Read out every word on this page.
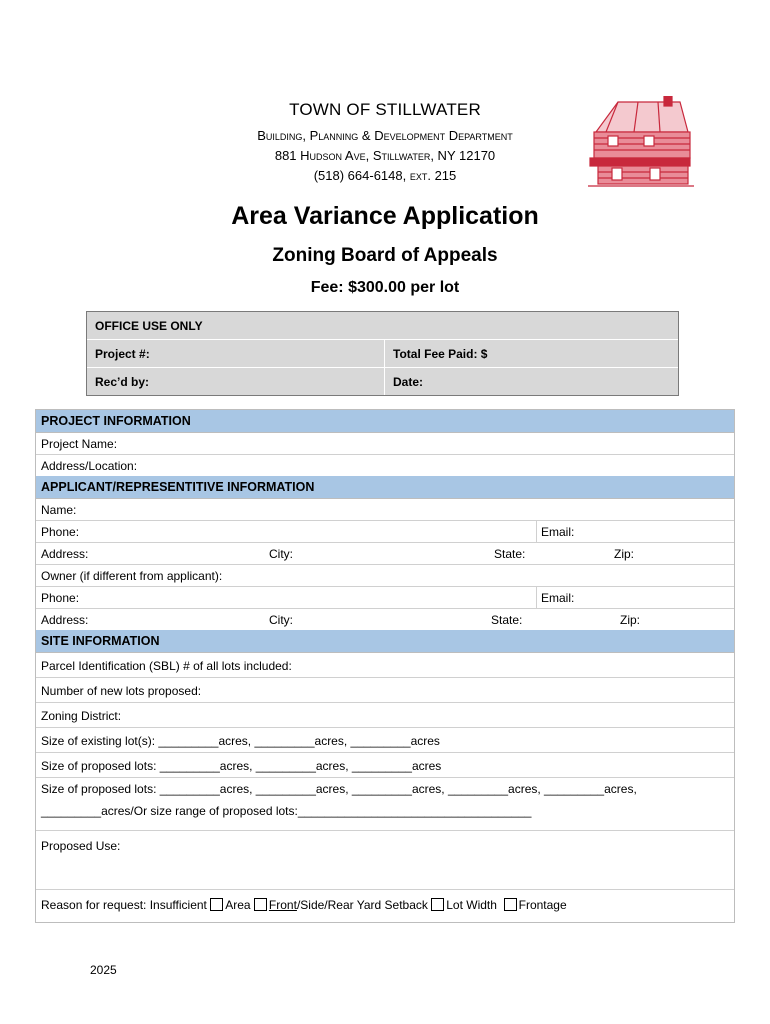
TOWN OF STILLWATER
Building, Planning & Development Department
881 Hudson Ave, Stillwater, NY 12170
(518) 664-6148, ext. 215

Area Variance Application

Zoning Board of Appeals

Fee: $300.00 per lot

OFFICE USE ONLY
Project #:	Total Fee Paid: $
Rec’d by:	Date:
PROJECT INFORMATION
Project Name:
Address/Location:
APPLICANT/REPRESENTITIVE INFORMATION
Name:
Phone:	Email:
Address:	City:	State:	Zip:
Owner (if different from applicant):
Phone:	Email:
Address:	City:	State:	Zip:
SITE INFORMATION
Parcel Identification (SBL) # of all lots included:
Number of new lots proposed:
Zoning District:
Size of existing lot(s): _________acres, _________acres, _________acres
Size of proposed lots: _________acres, _________acres, _________acres
Size of proposed lots: _________acres, _________acres, _________acres, _________acres, _________acres,
_________acres/Or size range of proposed lots:___________________________________
Proposed Use:
Reason for request: Insufficient Area Front/Side/Rear Yard Setback Lot Width Frontage
2025
